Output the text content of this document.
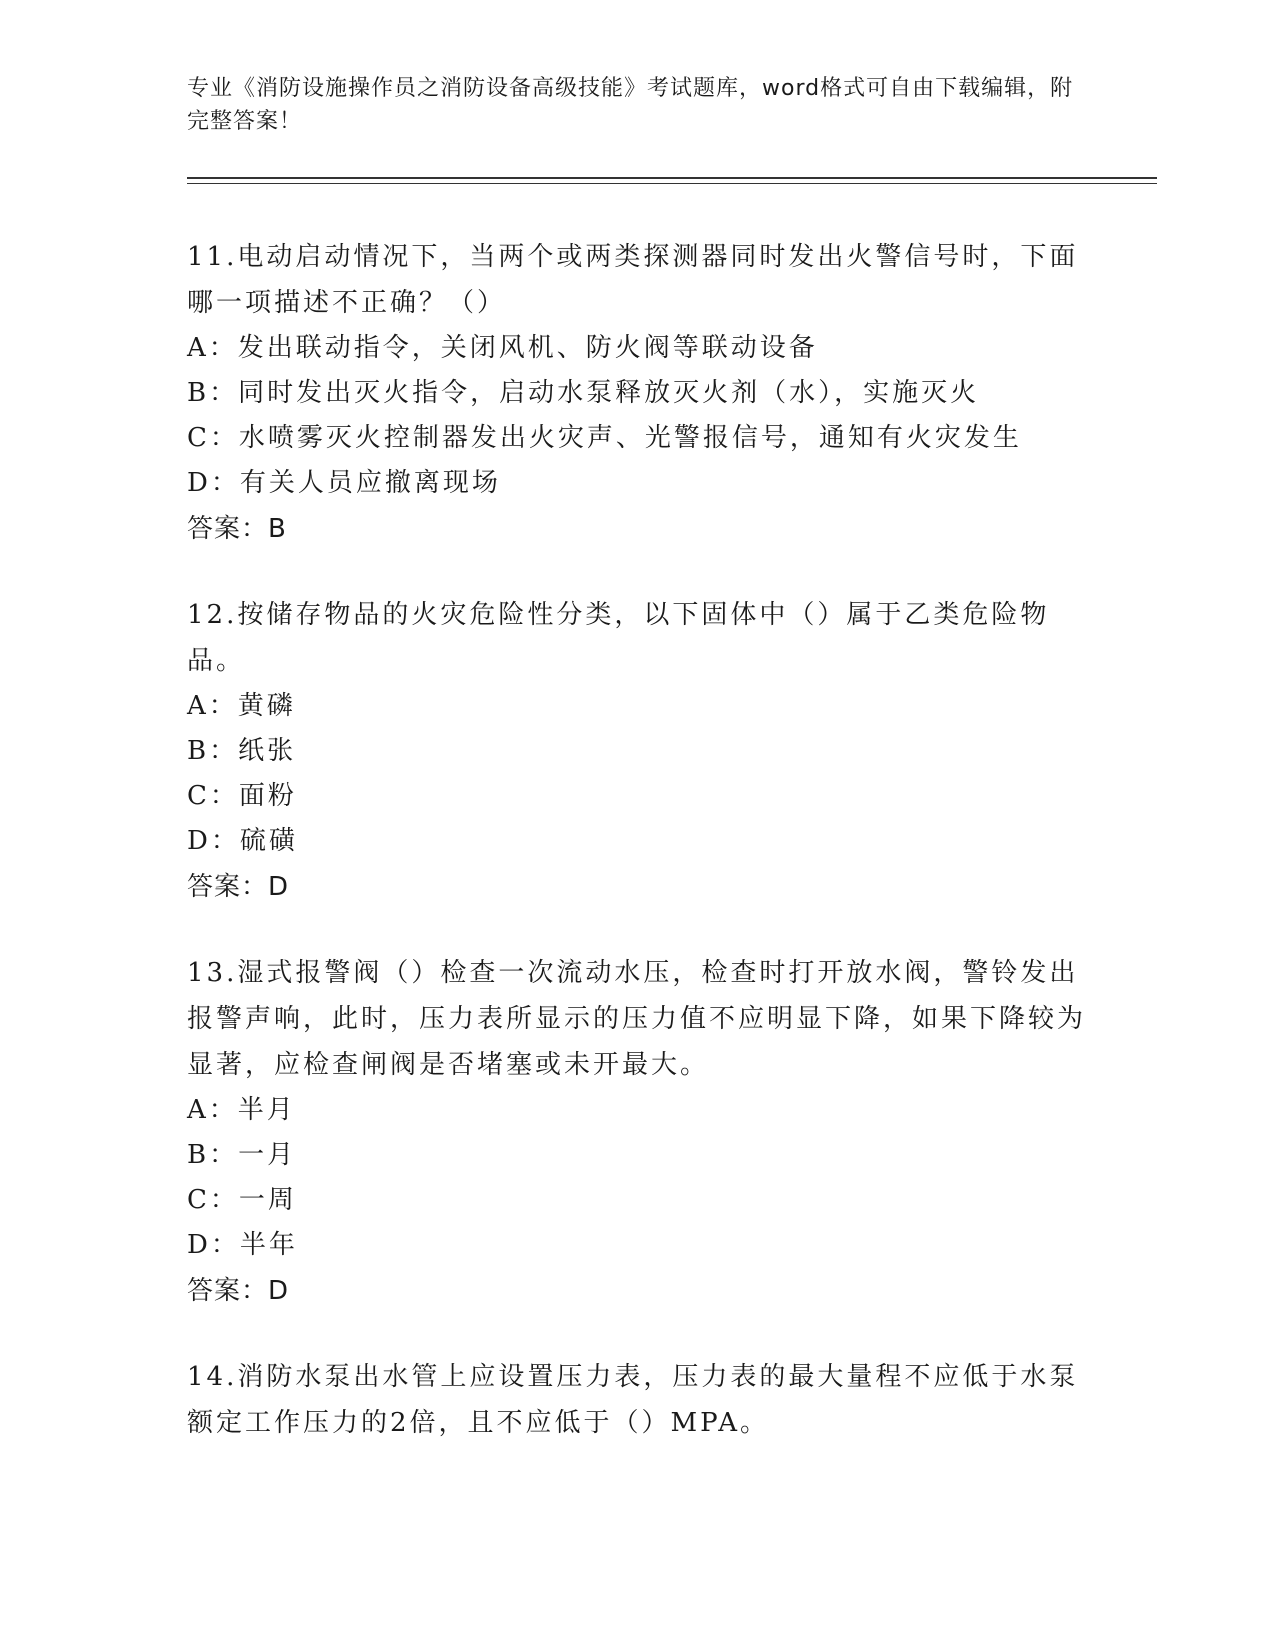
专业《消防设施操作员之消防设备高级技能》考试题库，word格式可自由下载编辑，附完整答案！
11.电动启动情况下，当两个或两类探测器同时发出火警信号时，下面哪一项描述不正确？（）
A：发出联动指令，关闭风机、防火阀等联动设备
B：同时发出灭火指令，启动水泵释放灭火剂（水），实施灭火
C：水喷雾灭火控制器发出火灾声、光警报信号，通知有火灾发生
D：有关人员应撤离现场
答案：B
12.按储存物品的火灾危险性分类，以下固体中（）属于乙类危险物品。
A：黄磷
B：纸张
C：面粉
D：硫磺
答案：D
13.湿式报警阀（）检查一次流动水压，检查时打开放水阀，警铃发出报警声响，此时，压力表所显示的压力值不应明显下降，如果下降较为显著，应检查闸阀是否堵塞或未开最大。
A：半月
B：一月
C：一周
D：半年
答案：D
14.消防水泵出水管上应设置压力表，压力表的最大量程不应低于水泵额定工作压力的2倍，且不应低于（）MPA。
